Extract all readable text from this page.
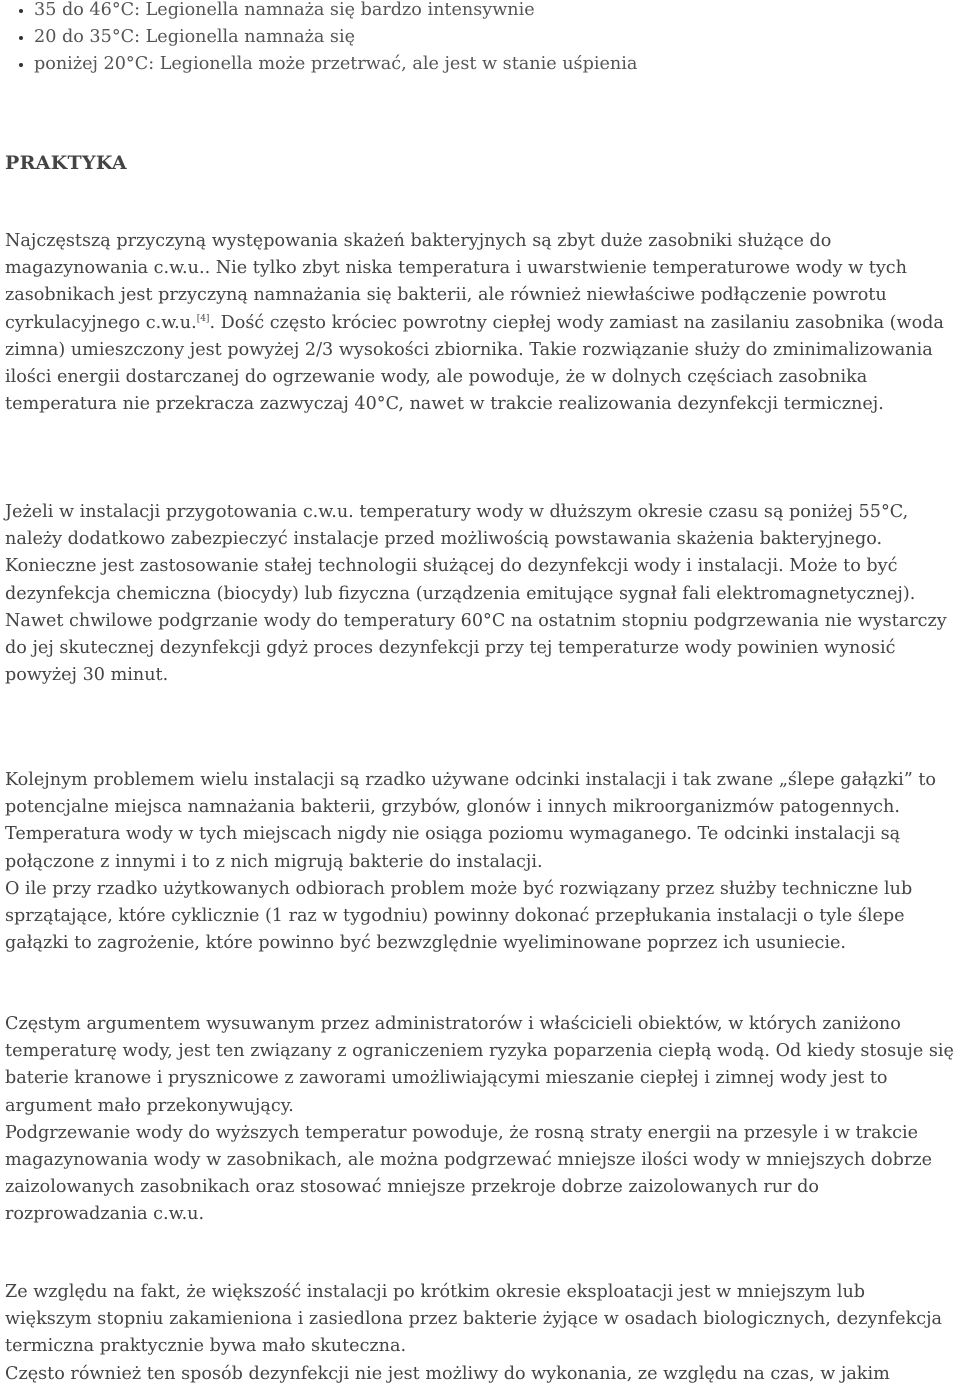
• 35 do 46°C: Legionella namnaża się bardzo intensywnie
• 20 do 35°C: Legionella namnaża się
• poniżej 20°C: Legionella może przetrwać, ale jest w stanie uśpienia
PRAKTYKA

Najczęstszą przyczyną występowania skażeń bakteryjnych są zbyt duże zasobniki służące do magazynowania c.w.u.. Nie tylko zbyt niska temperatura i uwarstwienie temperaturowe wody w tych zasobnikach jest przyczyną namnażania się bakterii, ale również niewłaściwe podłączenie powrotu cyrkulacyjnego c.w.u.[4]. Dość często króciec powrotny ciepłej wody zamiast na zasilaniu zasobnika (woda zimna) umieszczony jest powyżej 2/3 wysokości zbiornika. Takie rozwiązanie służy do zminimalizowania ilości energii dostarczanej do ogrzewanie wody, ale powoduje, że w dolnych częściach zasobnika temperatura nie przekracza zazwyczaj 40°C, nawet w trakcie realizowania dezynfekcji termicznej.

Jeżeli w instalacji przygotowania c.w.u. temperatury wody w dłuższym okresie czasu są poniżej 55°C, należy dodatkowo zabezpieczyć instalacje przed możliwością powstawania skażenia bakteryjnego. Konieczne jest zastosowanie stałej technologii służącej do dezynfekcji wody i instalacji. Może to być dezynfekcja chemiczna (biocydy) lub fizyczna (urządzenia emitujące sygnał fali elektromagnetycznej).
Nawet chwilowe podgrzanie wody do temperatury 60°C na ostatnim stopniu podgrzewania nie wystarczy do jej skutecznej dezynfekcji gdyż proces dezynfekcji przy tej temperaturze wody powinien wynosić powyżej 30 minut.

Kolejnym problemem wielu instalacji są rzadko używane odcinki instalacji i tak zwane „ślepe gałązki” to potencjalne miejsca namnażania bakterii, grzybów, glonów i innych mikroorganizmów patogennych. Temperatura wody w tych miejscach nigdy nie osiąga poziomu wymaganego. Te odcinki instalacji są połączone z innymi i to z nich migrują bakterie do instalacji.
O ile przy rzadko użytkowanych odbiorach problem może być rozwiązany przez służby techniczne lub sprzątające, które cyklicznie (1 raz w tygodniu) powinny dokonać przepłukania instalacji o tyle ślepe gałązki to zagrożenie, które powinno być bezwzględnie wyeliminowane poprzez ich usuniecie.

Częstym argumentem wysuwanym przez administratorów i właścicieli obiektów, w których zaniżono temperaturę wody, jest ten związany z ograniczeniem ryzyka poparzenia ciepłą wodą. Od kiedy stosuje się baterie kranowe i prysznicowe z zaworami umożliwiającymi mieszanie ciepłej i zimnej wody jest to argument mało przekonywujący.
Podgrzewanie wody do wyższych temperatur powoduje, że rosną straty energii na przesyle i w trakcie magazynowania wody w zasobnikach, ale można podgrzewać mniejsze ilości wody w mniejszych dobrze zaizolowanych zasobnikach oraz stosować mniejsze przekroje dobrze zaizolowanych rur do rozprowadzania c.w.u.

Ze względu na fakt, że większość instalacji po krótkim okresie eksploatacji jest w mniejszym lub większym stopniu zakamieniona i zasiedlona przez bakterie żyjące w osadach biologicznych, dezynfekcja termiczna praktycznie bywa mało skuteczna.
Często również ten sposób dezynfekcji nie jest możliwy do wykonania, ze względu na czas, w jakim
